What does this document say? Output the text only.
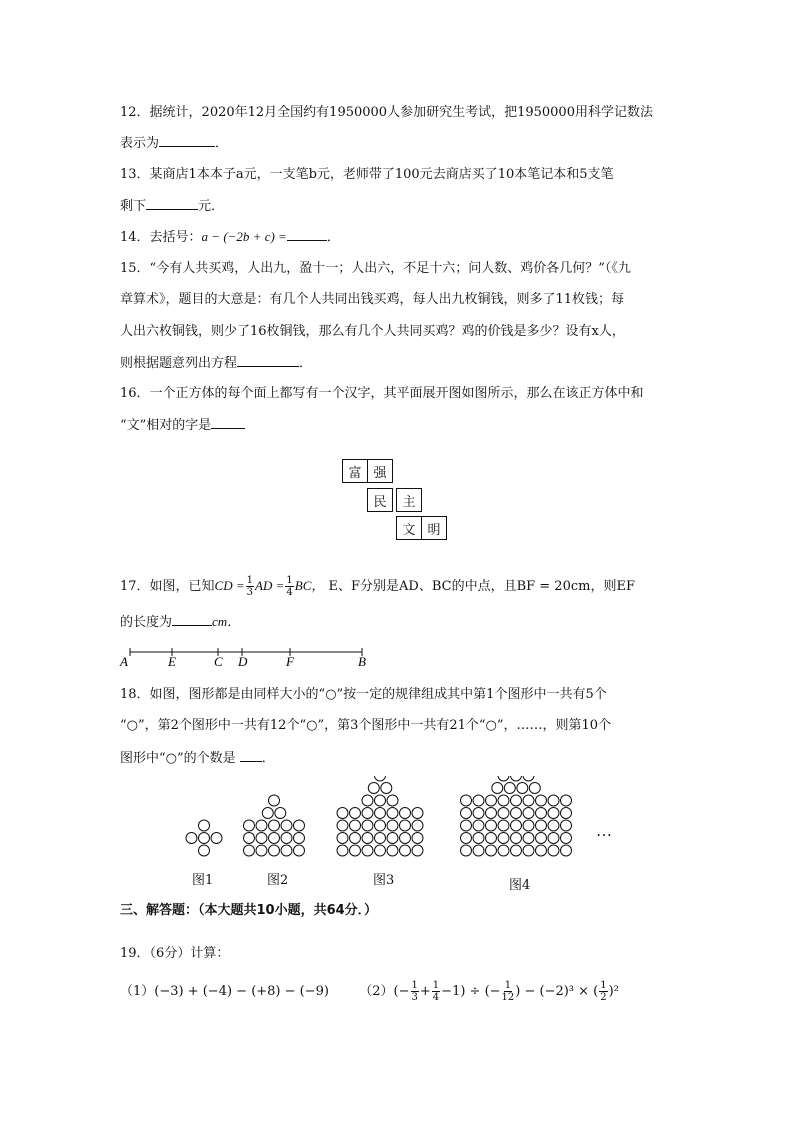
12．据统计，2020年12月全国约有1950000人参加研究生考试，把1950000用科学记数法
表示为	．
13．某商店1本本子a元，一支笔b元，老师带了100元去商店买了10本笔记本和5支笔
剩下	元．
14．去括号：a − (−2b + c) =	．
15．“今有人共买鸡，人出九，盈十一；人出六，不足十六；问人数、鸡价各几何？”（《九
章算术》，题目的大意是：有几个人共同出钱买鸡，每人出九枚铜钱，则多了11枚钱；每
人出六枚铜钱，则少了16枚铜钱，那么有几个人共同买鸡？鸡的价钱是多少？设有x人，
则根据题意列出方程	．
16．一个正方体的每个面上都写有一个汉字，其平面展开图如图所示，那么在该正方体中和
“文”相对的字是
富 强
民	主
文 明
17．如图，已知CD = $\frac{1}{3}$ AD = $\frac{1}{4}$ BC， E、F分别是AD、BC的中点，且BF = 20cm，则EF
的长度为	cm．
A	E	C D	F	B
18．如图，图形都是由同样大小的“○”按一定的规律组成其中第1个图形中一共有5个
“○”，第2个图形中一共有12个“○”，第3个图形中一共有21个“○”，……，则第10个
图形中“○”的个数是 ．
…
图1	图2	图3	图4
三、解答题：（本大题共10小题，共64分．）
19．（6分）计算：
（1）(−3) + (−4) − (+8) − (−9) $(2)(- \frac{1}{3} + \frac{1}{4} -1)$ ÷ (− $\frac{1}{12}$ ) − (−2)³ × ( $\frac{1}{2} )^2$
